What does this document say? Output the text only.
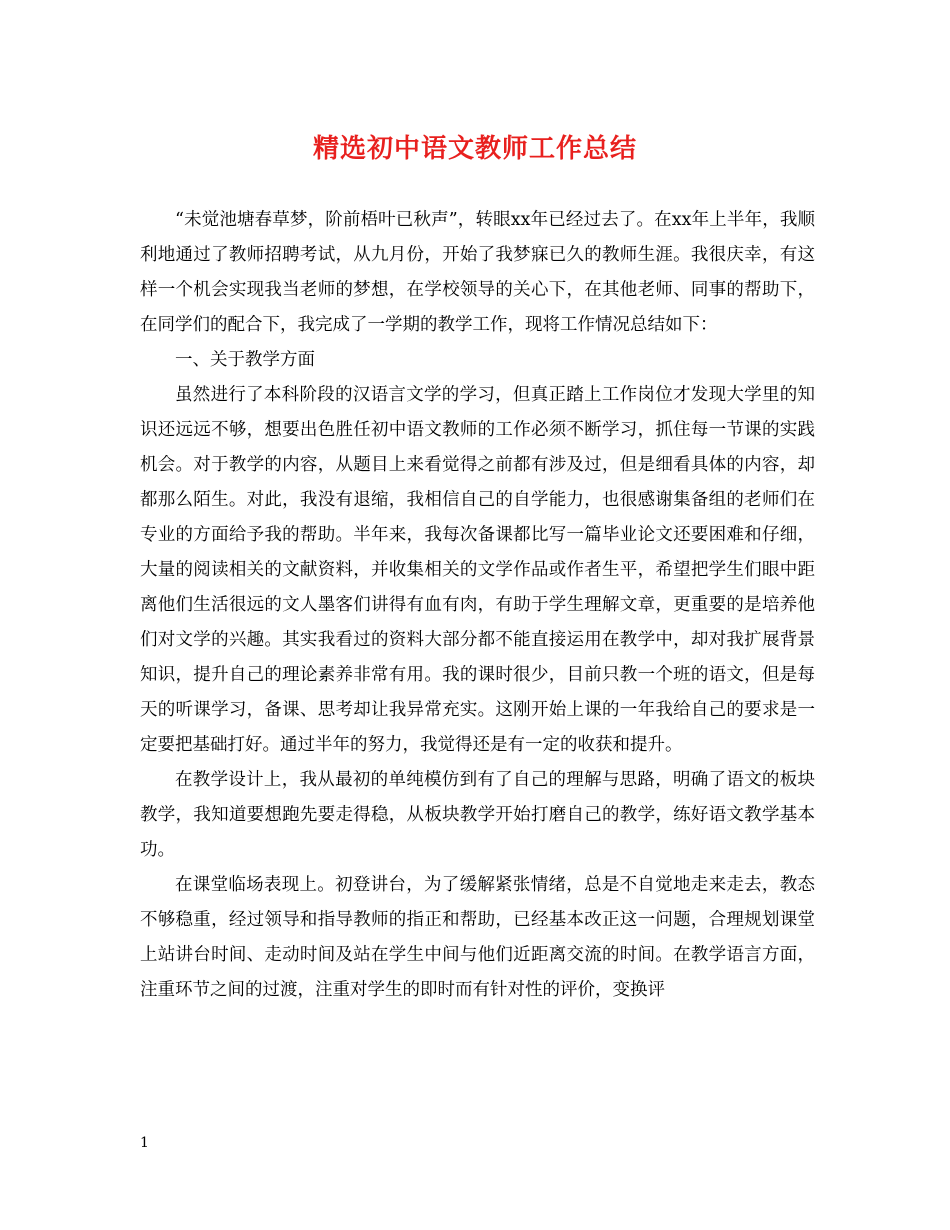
精选初中语文教师工作总结

“未觉池塘春草梦，阶前梧叶已秋声”，转眼xx年已经过去了。在xx年上半年，我顺利地通过了教师招聘考试，从九月份，开始了我梦寐已久的教师生涯。我很庆幸，有这样一个机会实现我当老师的梦想，在学校领导的关心下，在其他老师、同事的帮助下，在同学们的配合下，我完成了一学期的教学工作，现将工作情况总结如下：

一、关于教学方面

虽然进行了本科阶段的汉语言文学的学习，但真正踏上工作岗位才发现大学里的知识还远远不够，想要出色胜任初中语文教师的工作必须不断学习，抓住每一节课的实践机会。对于教学的内容，从题目上来看觉得之前都有涉及过，但是细看具体的内容，却都那么陌生。对此，我没有退缩，我相信自己的自学能力，也很感谢集备组的老师们在专业的方面给予我的帮助。半年来，我每次备课都比写一篇毕业论文还要困难和仔细，大量的阅读相关的文献资料，并收集相关的文学作品或作者生平，希望把学生们眼中距离他们生活很远的文人墨客们讲得有血有肉，有助于学生理解文章，更重要的是培养他们对文学的兴趣。其实我看过的资料大部分都不能直接运用在教学中，却对我扩展背景知识，提升自己的理论素养非常有用。我的课时很少，目前只教一个班的语文，但是每天的听课学习，备课、思考却让我异常充实。这刚开始上课的一年我给自己的要求是一定要把基础打好。通过半年的努力，我觉得还是有一定的收获和提升。

在教学设计上，我从最初的单纯模仿到有了自己的理解与思路，明确了语文的板块教学，我知道要想跑先要走得稳，从板块教学开始打磨自己的教学，练好语文教学基本功。

在课堂临场表现上。初登讲台，为了缓解紧张情绪，总是不自觉地走来走去，教态不够稳重，经过领导和指导教师的指正和帮助，已经基本改正这一问题，合理规划课堂上站讲台时间、走动时间及站在学生中间与他们近距离交流的时间。在教学语言方面，注重环节之间的过渡，注重对学生的即时而有针对性的评价，变换评

1
